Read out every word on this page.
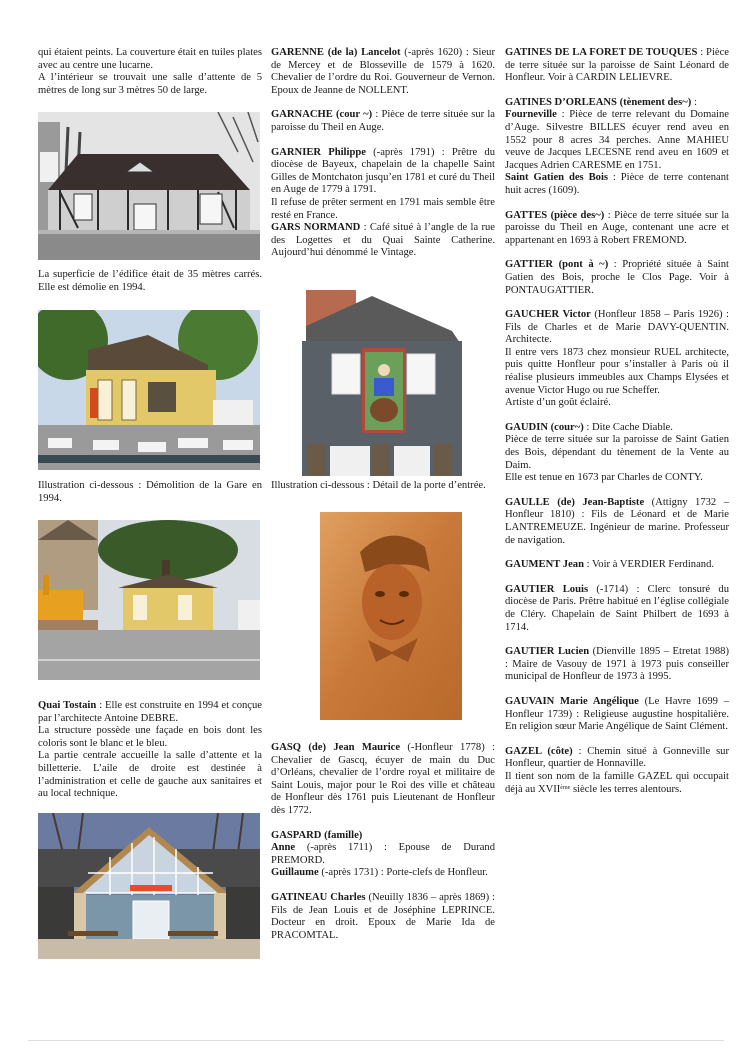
qui étaient peints. La couverture était en tuiles plates avec au centre une lucarne.

A l’intérieur se trouvait une salle d’attente de 5 mètres de long sur 3 mètres 50 de large.

La superficie de l’édifice était de 35 mètres carrés. Elle est démolie en 1994.

Illustration ci-dessous : Démolition de la Gare en 1994.

Quai Tostain : Elle est construite en 1994 et conçue par l’architecte Antoine DEBRE.

La structure possède une façade en bois dont les coloris sont le blanc et le bleu.

La partie centrale accueille la salle d’attente et la billetterie. L’aile de droite est destinée à l’administration et celle de gauche aux sanitaires et au local technique.

GARENNE (de la) Lancelot (-après 1620) : Sieur de Mercey et de Blosseville de 1579 à 1620. Chevalier de l’ordre du Roi. Gouverneur de Vernon. Epoux de Jeanne de NOLLENT.

GARNACHE (cour ~) : Pièce de terre située sur la paroisse du Theil en Auge.

GARNIER Philippe (-après 1791) : Prêtre du diocèse de Bayeux, chapelain de la chapelle Saint Gilles de Montchaton jusqu’en 1781 et curé du Theil en Auge de 1779 à 1791.

Il refuse de prêter serment en 1791 mais semble être resté en France.

GARS NORMAND : Café situé à l’angle de la rue des Logettes et du Quai Sainte Catherine. Aujourd’hui dénommé le Vintage.

Illustration ci-dessous : Détail de la porte d’entrée.

GASQ (de) Jean Maurice (-Honfleur 1778) : Chevalier de Gascq, écuyer de main du Duc d’Orléans, chevalier de l’ordre royal et militaire de Saint Louis, major pour le Roi des ville et château de Honfleur dès 1761 puis Lieutenant de Honfleur dès 1772.

GASPARD (famille)

Anne (-après 1711) : Epouse de Durand PREMORD.

Guillaume (-après 1731) : Porte-clefs de Honfleur.

GATINEAU Charles (Neuilly 1836 – après 1869) : Fils de Jean Louis et de Joséphine LEPRINCE. Docteur en droit. Epoux de Marie Ida de PRACOMTAL.

GATINES DE LA FORET DE TOUQUES : Pièce de terre située sur la paroisse de Saint Léonard de Honfleur. Voir à CARDIN LELIEVRE.

GATINES D’ORLEANS (tènement des~) :

Fourneville : Pièce de terre relevant du Domaine d’Auge. Silvestre BILLES écuyer rend aveu en 1552 pour 8 acres 34 perches. Anne MAHIEU veuve de Jacques LECESNE rend aveu en 1609 et Jacques Adrien CARESME en 1751.

Saint Gatien des Bois : Pièce de terre contenant huit acres (1609).

GATTES (pièce des~) : Pièce de terre située sur la paroisse du Theil en Auge, contenant une acre et appartenant en 1693 à Robert FREMOND.

GATTIER (pont à ~) : Propriété située à Saint Gatien des Bois, proche le Clos Page. Voir à PONTAUGATTIER.

GAUCHER Victor (Honfleur 1858 – Paris 1926) : Fils de Charles et de Marie DAVY-QUENTIN. Architecte.

Il entre vers 1873 chez monsieur RUEL architecte, puis quitte Honfleur pour s’installer à Paris où il réalise plusieurs immeubles aux Champs Elysées et avenue Victor Hugo ou rue Scheffer.

Artiste d’un goût éclairé.

GAUDIN (cour~) : Dite Cache Diable.

Pièce de terre située sur la paroisse de Saint Gatien des Bois, dépendant du tènement de la Vente au Daim.

Elle est tenue en 1673 par Charles de CONTY.

GAULLE (de) Jean-Baptiste (Attigny 1732 – Honfleur 1810) : Fils de Léonard et de Marie LANTREMEUZE. Ingénieur de marine. Professeur de navigation.

GAUMENT Jean : Voir à VERDIER Ferdinand.

GAUTIER Louis (-1714) : Clerc tonsuré du diocèse de Paris. Prêtre habitué en l’église collégiale de Cléry. Chapelain de Saint Philbert de 1693 à 1714.

GAUTIER Lucien (Dienville 1895 – Etretat 1988) : Maire de Vasouy de 1971 à 1973 puis conseiller municipal de Honfleur de 1973 à 1995.

GAUVAIN Marie Angélique (Le Havre 1699 – Honfleur 1739) : Religieuse augustine hospitalière. En religion sœur Marie Angélique de Saint Clément.

GAZEL (côte) : Chemin situé à Gonneville sur Honfleur, quartier de Honnaville.

Il tient son nom de la famille GAZEL qui occupait déjà au XVIIème siècle les terres alentours.
